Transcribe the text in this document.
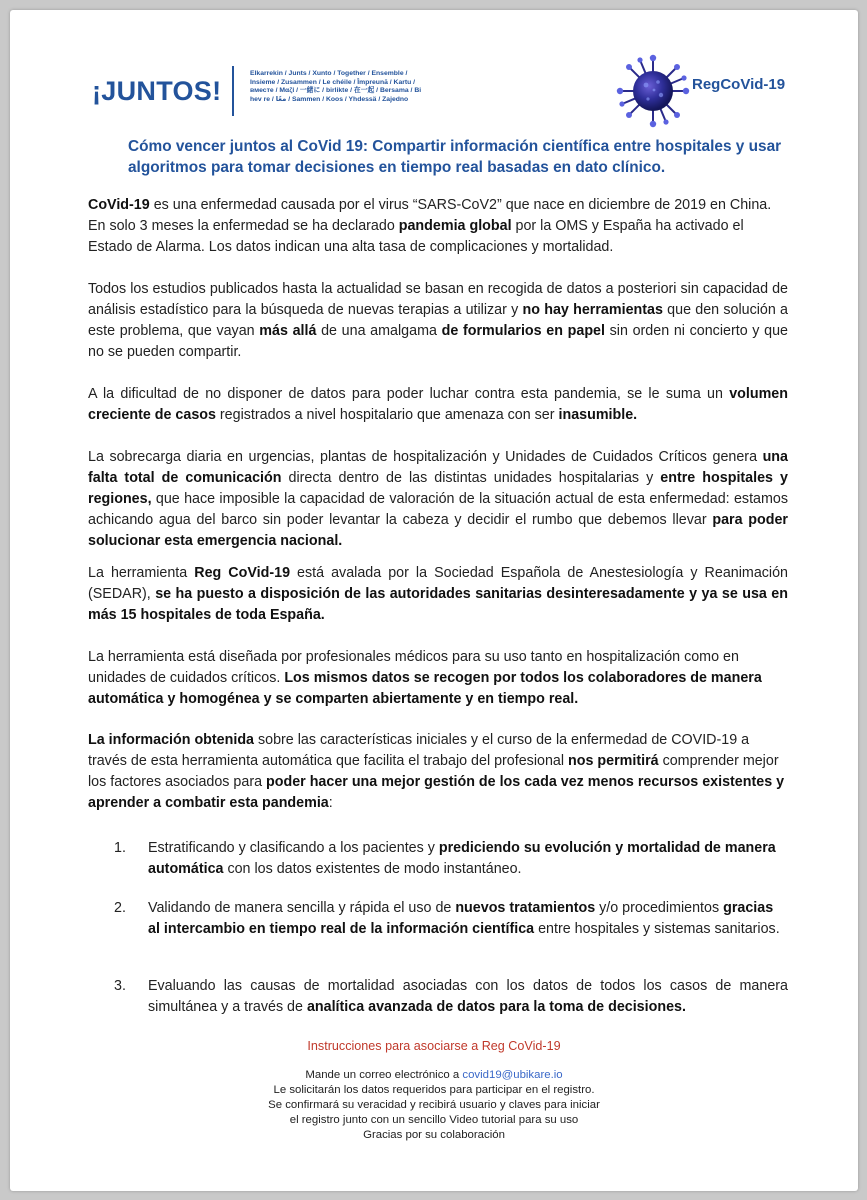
¡JUNTOS!
Elkarrekin / Junts / Xunto / Together / Ensemble /
Insieme / Zusammen / Le chéile / Împreună / Kartu /
вместе / Μαζί / 一緒に / birlikte / 在一起 / Bersama / Bi
hev re / معًا / Sammen / Koos / Yhdessä / Zajedno
RegCoVid-19
Cómo vencer juntos al CoVid 19: Compartir información científica entre hospitales y usar algoritmos para tomar decisiones en tiempo real basadas en dato clínico.

CoVid-19 es una enfermedad causada por el virus “SARS-CoV2” que nace en diciembre de 2019 en China. En solo 3 meses la enfermedad se ha declarado pandemia global por la OMS y España ha activado el Estado de Alarma. Los datos indican una alta tasa de complicaciones y mortalidad.

Todos los estudios publicados hasta la actualidad se basan en recogida de datos a posteriori sin capacidad de análisis estadístico para la búsqueda de nuevas terapias a utilizar y no hay herramientas que den solución a este problema, que vayan más allá de una amalgama de formularios en papel sin orden ni concierto y que no se pueden compartir.

A la dificultad de no disponer de datos para poder luchar contra esta pandemia, se le suma un volumen creciente de casos registrados a nivel hospitalario que amenaza con ser inasumible.

La sobrecarga diaria en urgencias, plantas de hospitalización y Unidades de Cuidados Críticos genera una falta total de comunicación directa dentro de las distintas unidades hospitalarias y entre hospitales y regiones, que hace imposible la capacidad de valoración de la situación actual de esta enfermedad: estamos achicando agua del barco sin poder levantar la cabeza y decidir el rumbo que debemos llevar para poder solucionar esta emergencia nacional.

La herramienta Reg CoVid-19 está avalada por la Sociedad Española de Anestesiología y Reanimación (SEDAR), se ha puesto a disposición de las autoridades sanitarias desinteresadamente y ya se usa en más 15 hospitales de toda España.

La herramienta está diseñada por profesionales médicos para su uso tanto en hospitalización como en unidades de cuidados críticos. Los mismos datos se recogen por todos los colaboradores de manera automática y homogénea y se comparten abiertamente y en tiempo real.

La información obtenida sobre las características iniciales y el curso de la enfermedad de COVID-19 a través de esta herramienta automática que facilita el trabajo del profesional nos permitirá comprender mejor los factores asociados para poder hacer una mejor gestión de los cada vez menos recursos existentes y aprender a combatir esta pandemia:

1. Estratificando y clasificando a los pacientes y prediciendo su evolución y mortalidad de manera automática con los datos existentes de modo instantáneo.

2. Validando de manera sencilla y rápida el uso de nuevos tratamientos y/o procedimientos gracias al intercambio en tiempo real de la información científica entre hospitales y sistemas sanitarios.

3. Evaluando las causas de mortalidad asociadas con los datos de todos los casos de manera simultánea y a través de analítica avanzada de datos para la toma de decisiones.

Instrucciones para asociarse a Reg CoVid-19
Mande un correo electrónico a covid19@ubikare.io
Le solicitarán los datos requeridos para participar en el registro.
Se confirmará su veracidad y recibirá usuario y claves para iniciar
el registro junto con un sencillo Video tutorial para su uso
Gracias por su colaboración
